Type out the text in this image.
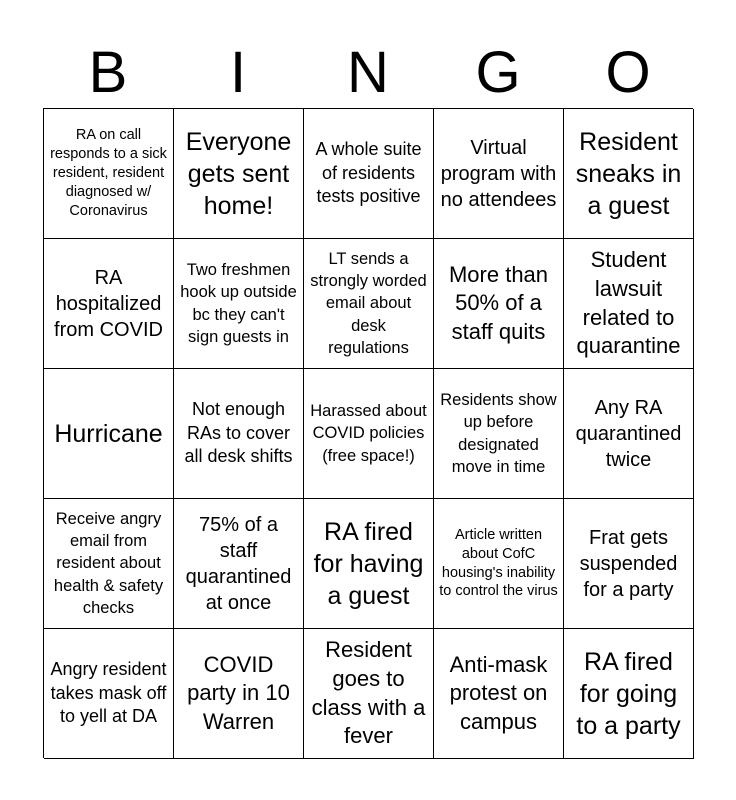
B	I	N	G	O
RA on call responds to a sick resident, resident diagnosed w/ Coronavirus
Everyone gets sent home!
A whole suite of residents tests positive
Virtual program with no attendees
Resident sneaks in a guest
RA hospitalized from COVID
Two freshmen hook up outside bc they can't sign guests in
LT sends a strongly worded email about desk regulations
More than 50% of a staff quits
Student lawsuit related to quarantine
Hurricane
Not enough RAs to cover all desk shifts
Harassed about COVID policies (free space!)
Residents show up before designated move in time
Any RA quarantined twice
Receive angry email from resident about health & safety checks
75% of a staff quarantined at once
RA fired for having a guest
Article written about CofC housing's inability to control the virus
Frat gets suspended for a party
Angry resident takes mask off to yell at DA
COVID party in 10 Warren
Resident goes to class with a fever
Anti-mask protest on campus
RA fired for going to a party
